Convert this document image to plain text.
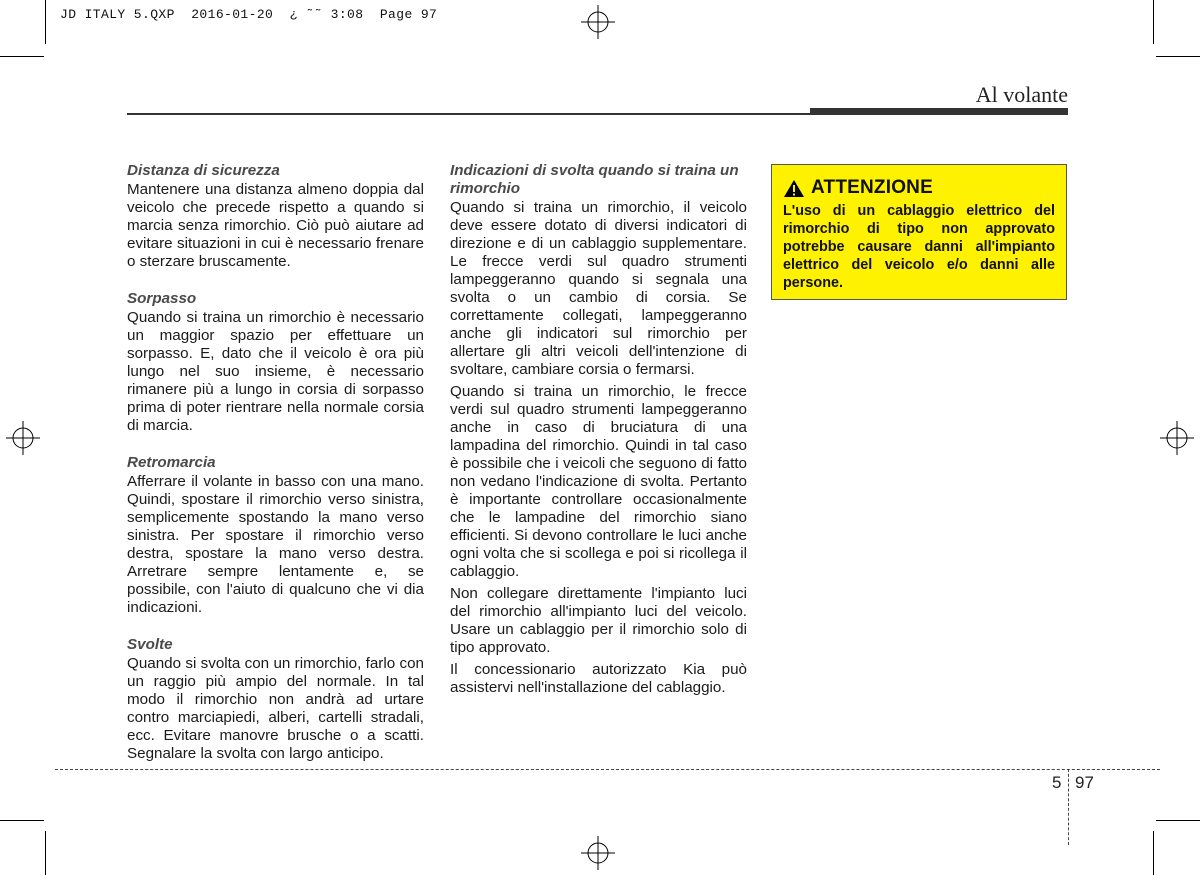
JD ITALY 5.QXP  2016-01-20  ¿ ˜˜ 3:08  Page 97
Al volante

Distanza di sicurezza

Mantenere una distanza almeno doppia dal veicolo che precede rispetto a quando si marcia senza rimorchio. Ciò può aiutare ad evitare situazioni in cui è necessario frenare o sterzare bruscamente.

Sorpasso

Quando si traina un rimorchio è necessario un maggior spazio per effettuare un sorpasso. E, dato che il veicolo è ora più lungo nel suo insieme, è necessario rimanere più a lungo in corsia di sorpasso prima di poter rientrare nella normale corsia di marcia.

Retromarcia

Afferrare il volante in basso con una mano. Quindi, spostare il rimorchio verso sinistra, semplicemente spostando la mano verso sinistra. Per spostare il rimorchio verso destra, spostare la mano verso destra. Arretrare sempre lentamente e, se possibile, con l'aiuto di qualcuno che vi dia indicazioni.

Svolte

Quando si svolta con un rimorchio, farlo con un raggio più ampio del normale. In tal modo il rimorchio non andrà ad urtare contro marciapiedi, alberi, cartelli stradali, ecc. Evitare manovre brusche o a scatti. Segnalare la svolta con largo anticipo.

Indicazioni di svolta quando si traina un rimorchio

Quando si traina un rimorchio, il veicolo deve essere dotato di diversi indicatori di direzione e di un cablaggio supplementare. Le frecce verdi sul quadro strumenti lampeggeranno quando si segnala una svolta o un cambio di corsia. Se correttamente collegati, lampeggeranno anche gli indicatori sul rimorchio per allertare gli altri veicoli dell'intenzione di svoltare, cambiare corsia o fermarsi.

Quando si traina un rimorchio, le frecce verdi sul quadro strumenti lampeggeranno anche in caso di bruciatura di una lampadina del rimorchio. Quindi in tal caso è possibile che i veicoli che seguono di fatto non vedano l'indicazione di svolta. Pertanto è importante controllare occasionalmente che le lampadine del rimorchio siano efficienti. Si devono controllare le luci anche ogni volta che si scollega e poi si ricollega il cablaggio.

Non collegare direttamente l'impianto luci del rimorchio all'impianto luci del veicolo. Usare un cablaggio per il rimorchio solo di tipo approvato.

Il concessionario autorizzato Kia può assistervi nell'installazione del cablaggio.

ATTENZIONE
L'uso di un cablaggio elettrico del rimorchio di tipo non approvato potrebbe causare danni all'impianto elettrico del veicolo e/o danni alle persone.
5 97
